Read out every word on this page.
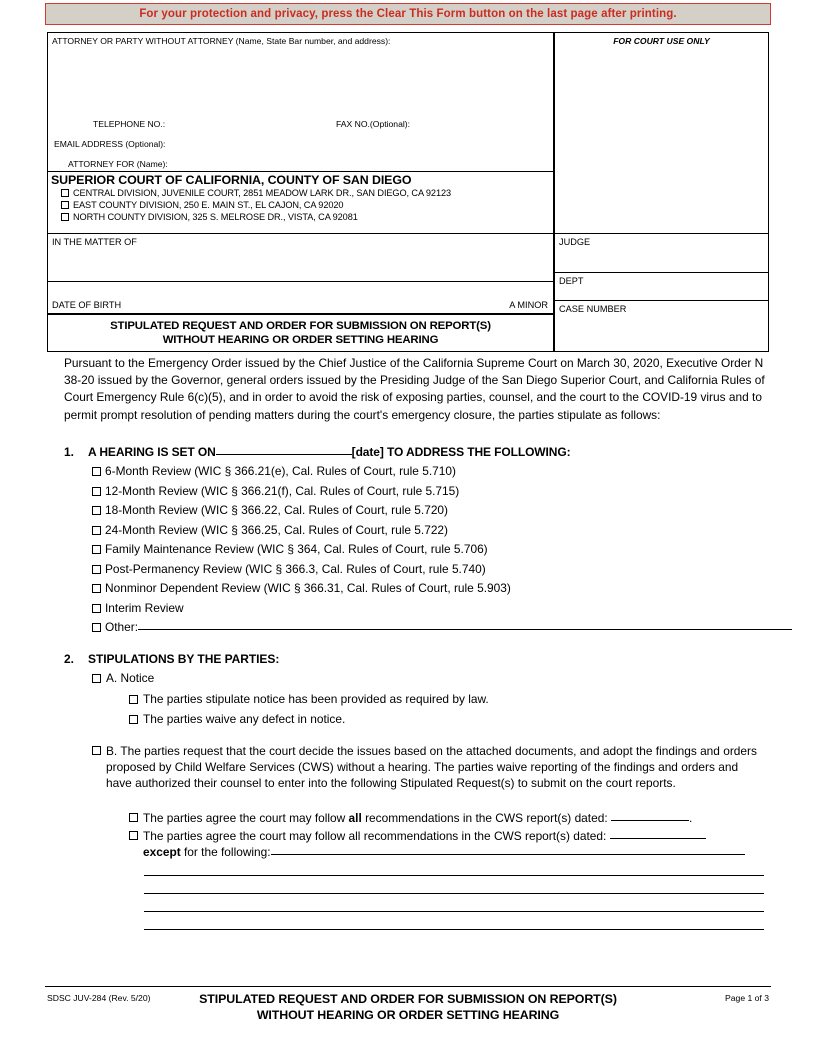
For your protection and privacy, press the Clear This Form button on the last page after printing.
ATTORNEY OR PARTY WITHOUT ATTORNEY (Name, State Bar number, and address):
TELEPHONE NO.:	FAX NO.(Optional):
EMAIL ADDRESS (Optional):
ATTORNEY FOR (Name):
FOR COURT USE ONLY
SUPERIOR COURT OF CALIFORNIA, COUNTY OF SAN DIEGO
CENTRAL DIVISION, JUVENILE COURT, 2851 MEADOW LARK DR., SAN DIEGO, CA 92123
EAST COUNTY DIVISION, 250 E. MAIN ST., EL CAJON, CA 92020
NORTH COUNTY DIVISION, 325 S. MELROSE DR., VISTA, CA 92081
IN THE MATTER OF
DATE OF BIRTH	A MINOR
STIPULATED REQUEST AND ORDER FOR SUBMISSION ON REPORT(S)
WITHOUT HEARING OR ORDER SETTING HEARING
JUDGE
DEPT
CASE NUMBER
Pursuant to the Emergency Order issued by the Chief Justice of the California Supreme Court on March 30, 2020, Executive Order N 38-20 issued by the Governor, general orders issued by the Presiding Judge of the San Diego Superior Court, and California Rules of Court Emergency Rule 6(c)(5), and in order to avoid the risk of exposing parties, counsel, and the court to the COVID-19 virus and to permit prompt resolution of pending matters during the court's emergency closure, the parties stipulate as follows:
1. A HEARING IS SET ON	[date] TO ADDRESS THE FOLLOWING:
6-Month Review (WIC § 366.21(e), Cal. Rules of Court, rule 5.710)
12-Month Review (WIC § 366.21(f), Cal. Rules of Court, rule 5.715)
18-Month Review (WIC § 366.22, Cal. Rules of Court, rule 5.720)
24-Month Review (WIC § 366.25, Cal. Rules of Court, rule 5.722)
Family Maintenance Review (WIC § 364, Cal. Rules of Court, rule 5.706)
Post-Permanency Review (WIC § 366.3, Cal. Rules of Court, rule 5.740)
Nonminor Dependent Review (WIC § 366.31, Cal. Rules of Court, rule 5.903)
Interim Review
Other:
2. STIPULATIONS BY THE PARTIES:
A. Notice
The parties stipulate notice has been provided as required by law.
The parties waive any defect in notice.
B. The parties request that the court decide the issues based on the attached documents, and adopt the findings and orders proposed by Child Welfare Services (CWS) without a hearing. The parties waive reporting of the findings and orders and have authorized their counsel to enter into the following Stipulated Request(s) to submit on the court reports.
The parties agree the court may follow all recommendations in the CWS report(s) dated:	.
The parties agree the court may follow all recommendations in the CWS report(s) dated:
except for the following:
SDSC JUV-284 (Rev. 5/20)	STIPULATED REQUEST AND ORDER FOR SUBMISSION ON REPORT(S)
WITHOUT HEARING OR ORDER SETTING HEARING
Page 1 of 3
